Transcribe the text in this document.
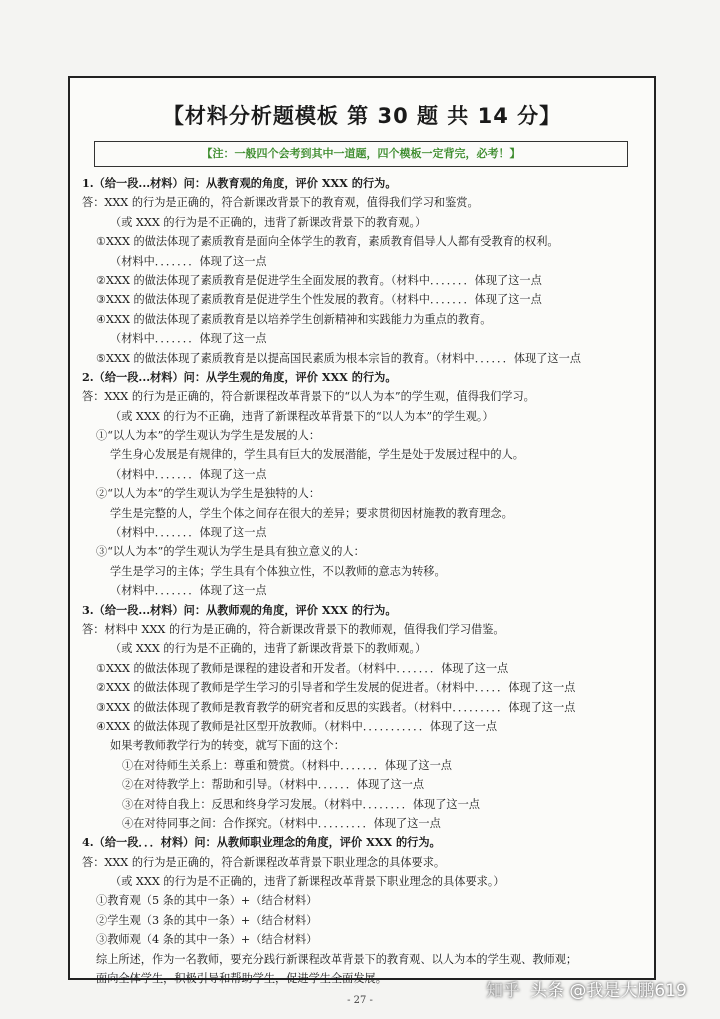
【材料分析题模板 第 30 题 共 14 分】
【注：一般四个会考到其中一道题，四个模板一定背完，必考！】
1.（给一段...材料）问：从教育观的角度，评价 XXX 的行为。
答：XXX 的行为是正确的，符合新课改背景下的教育观，值得我们学习和鉴赏。
（或 XXX 的行为是不正确的，违背了新课改背景下的教育观。）
①XXX 的做法体现了素质教育是面向全体学生的教育，素质教育倡导人人都有受教育的权利。
（材料中．．．．．．．体现了这一点
②XXX 的做法体现了素质教育是促进学生全面发展的教育。（材料中．．．．．．．体现了这一点
③XXX 的做法体现了素质教育是促进学生个性发展的教育。（材料中．．．．．．．体现了这一点
④XXX 的做法体现了素质教育是以培养学生创新精神和实践能力为重点的教育。
（材料中．．．．．．．体现了这一点
⑤XXX 的做法体现了素质教育是以提高国民素质为根本宗旨的教育。（材料中．．．．．．体现了这一点
2.（给一段...材料）问：从学生观的角度，评价 XXX 的行为。
答：XXX 的行为是正确的，符合新课程改革背景下的“以人为本”的学生观，值得我们学习。
（或 XXX 的行为不正确，违背了新课程改革背景下的“以人为本”的学生观。）
①“以人为本”的学生观认为学生是发展的人：
学生身心发展是有规律的，学生具有巨大的发展潜能，学生是处于发展过程中的人。
（材料中．．．．．．．体现了这一点
②“以人为本”的学生观认为学生是独特的人：
学生是完整的人，学生个体之间存在很大的差异；要求贯彻因材施教的教育理念。
（材料中．．．．．．．体现了这一点
③“以人为本”的学生观认为学生是具有独立意义的人：
学生是学习的主体；学生具有个体独立性，不以教师的意志为转移。
（材料中．．．．．．．体现了这一点
3.（给一段...材料）问：从教师观的角度，评价 XXX 的行为。
答：材料中 XXX 的行为是正确的，符合新课改背景下的教师观，值得我们学习借鉴。
（或 XXX 的行为是不正确的，违背了新课改背景下的教师观。）
①XXX 的做法体现了教师是课程的建设者和开发者。（材料中．．．．．．．体现了这一点
②XXX 的做法体现了教师是学生学习的引导者和学生发展的促进者。（材料中．．．．．体现了这一点
③XXX 的做法体现了教师是教育教学的研究者和反思的实践者。（材料中．．．．．．．．．体现了这一点
④XXX 的做法体现了教师是社区型开放教师。（材料中．．．．．．．．．．．体现了这一点
如果考教师教学行为的转变，就写下面的这个：
①在对待师生关系上：尊重和赞赏。（材料中．．．．．．．体现了这一点
②在对待教学上：帮助和引导。（材料中．．．．．．体现了这一点
③在对待自我上：反思和终身学习发展。（材料中．．．．．．．．体现了这一点
④在对待同事之间：合作探究。（材料中．．．．．．．．．体现了这一点
4.（给一段．．．材料）问：从教师职业理念的角度，评价 XXX 的行为。
答：XXX 的行为是正确的，符合新课程改革背景下职业理念的具体要求。
（或 XXX 的行为是不正确的，违背了新课程改革背景下职业理念的具体要求。）
①教育观（5 条的其中一条）+（结合材料）
②学生观（3 条的其中一条）+（结合材料）
③教师观（4 条的其中一条）+（结合材料）
综上所述，作为一名教师，要充分践行新课程改革背景下的教育观、以人为本的学生观、教师观；
面向全体学生，积极引导和帮助学生，促进学生全面发展。
- 27 -	知乎 头条 @我是大鹏619
